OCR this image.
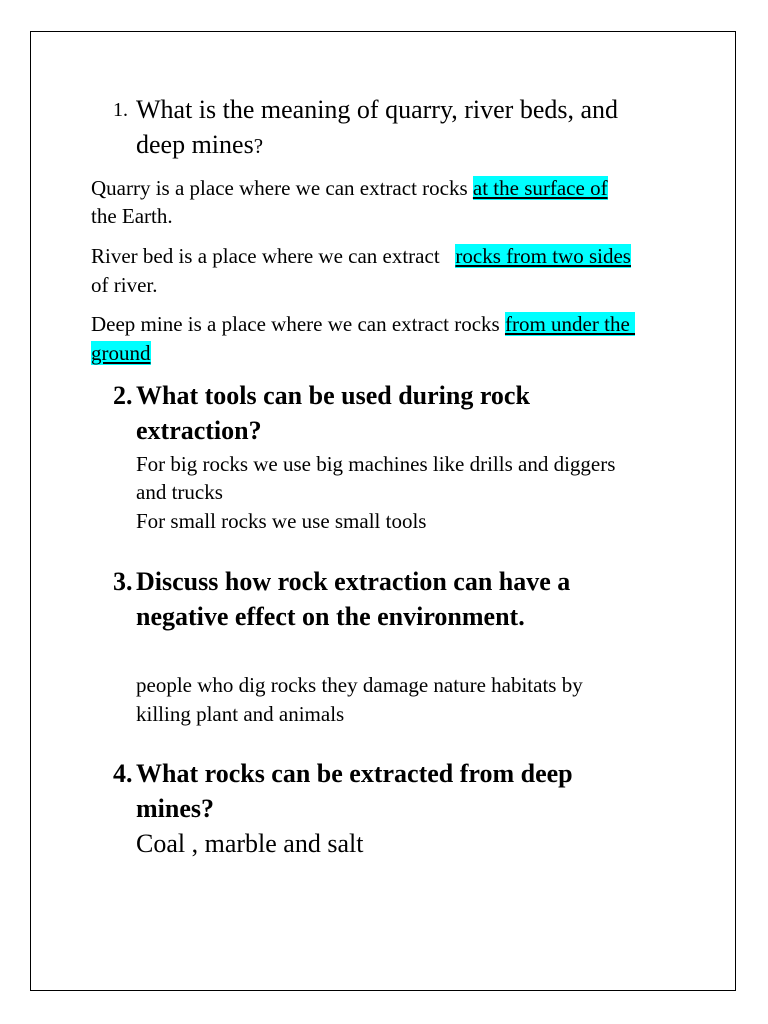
1. What is the meaning of quarry, river beds, and
deep mines?
Quarry is a place where we can extract rocks at the surface of
the Earth.
River bed is a place where we can extract   rocks from two sides
of river.
Deep mine is a place where we can extract rocks from under the
ground
2. What tools can be used during rock
extraction?
For big rocks we use big machines like drills and diggers
and trucks
For small rocks we use small tools
3. Discuss how rock extraction can have a
negative effect on the environment.
people who dig rocks they damage nature habitats by
killing plant and animals
4. What rocks can be extracted from deep
mines?
Coal , marble and salt
